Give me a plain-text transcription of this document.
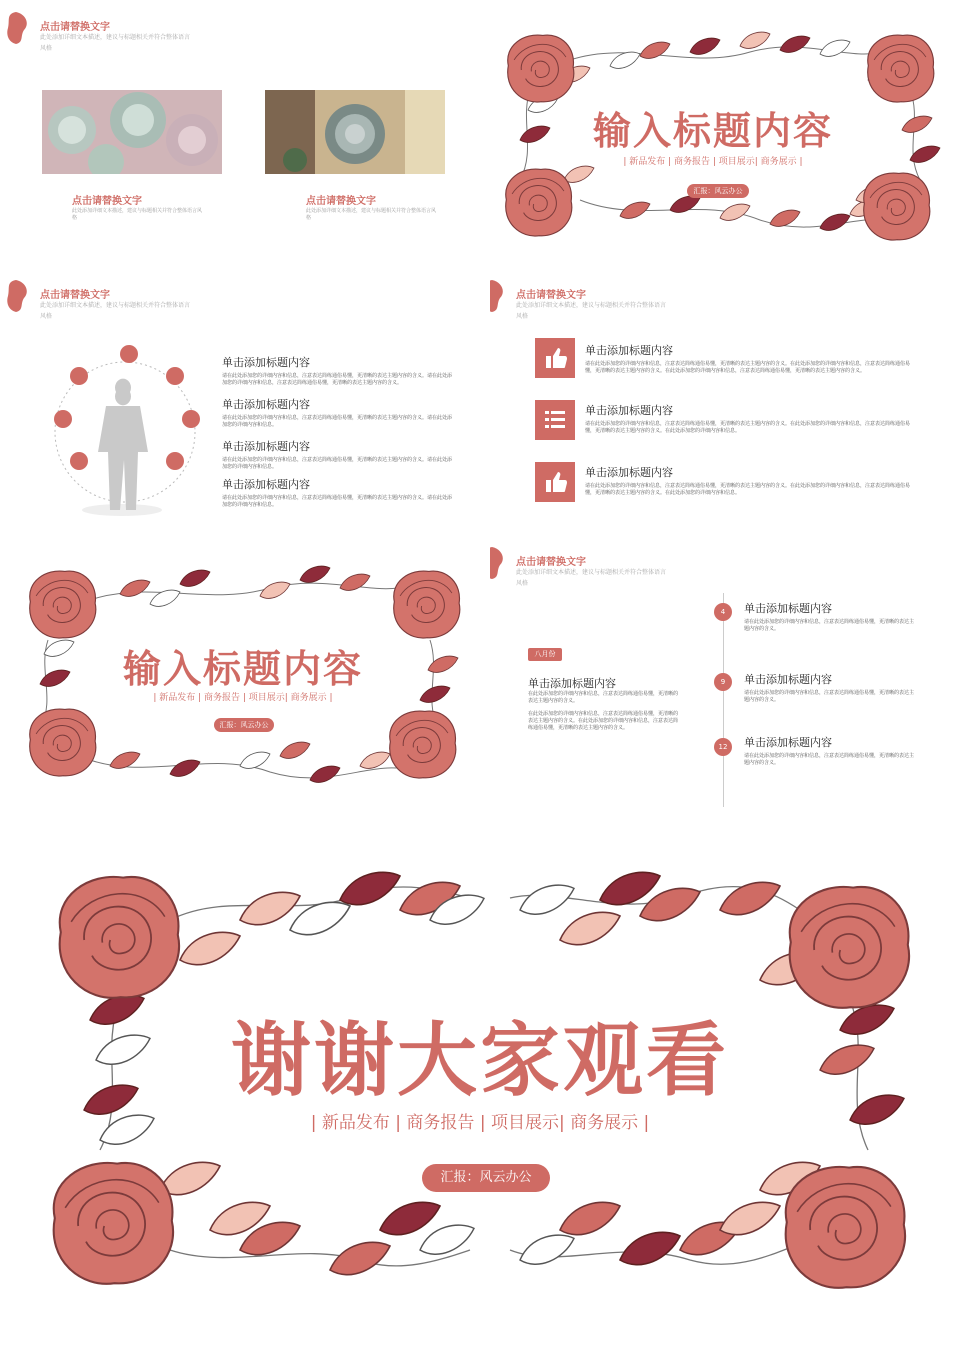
点击请替换文字
此处添加详细文本描述，建议与标题相关并符合整体语言风格
点击请替换文字
此处添加详细文本描述，建议与标题相关并符合整体语言风格
点击请替换文字
此处添加详细文本描述，建议与标题相关并符合整体语言风格
输入标题内容
| 新品发布 | 商务报告 | 项目展示| 商务展示 |
汇报：风云办公
点击请替换文字
此处添加详细文本描述，建议与标题相关并符合整体语言风格
单击添加标题内容
请在此处添加您的详细内容和信息，注意表达简练通俗易懂，更清晰的表达主题内容的含义。请在此处添加您的详细内容和信息，注意表达简练通俗易懂，更清晰的表达主题内容的含义。
单击添加标题内容
请在此处添加您的详细内容和信息，注意表达简练通俗易懂，更清晰的表达主题内容的含义。请在此处添加您的详细内容和信息。
单击添加标题内容
请在此处添加您的详细内容和信息，注意表达简练通俗易懂，更清晰的表达主题内容的含义。请在此处添加您的详细内容和信息。
单击添加标题内容
请在此处添加您的详细内容和信息，注意表达简练通俗易懂，更清晰的表达主题内容的含义。请在此处添加您的详细内容和信息。
点击请替换文字
此处添加详细文本描述，建议与标题相关并符合整体语言风格
单击添加标题内容
请在此处添加您的详细内容和信息，注意表达简练通俗易懂，更清晰的表达主题内容的含义。在此处添加您的详细内容和信息，注意表达简练通俗易懂，更清晰的表达主题内容的含义。在此处添加您的详细内容和信息，注意表达简练通俗易懂，更清晰的表达主题内容的含义。
单击添加标题内容
请在此处添加您的详细内容和信息，注意表达简练通俗易懂，更清晰的表达主题内容的含义。在此处添加您的详细内容和信息，注意表达简练通俗易懂，更清晰的表达主题内容的含义。在此处添加您的详细内容和信息。
单击添加标题内容
请在此处添加您的详细内容和信息，注意表达简练通俗易懂，更清晰的表达主题内容的含义。在此处添加您的详细内容和信息，注意表达简练通俗易懂，更清晰的表达主题内容的含义。在此处添加您的详细内容和信息。
输入标题内容
| 新品发布 | 商务报告 | 项目展示| 商务展示 |
汇报：风云办公
点击请替换文字
此处添加详细文本描述，建议与标题相关并符合整体语言风格
八月份
单击添加标题内容
在此处添加您的详细内容和信息，注意表达简练通俗易懂，更清晰的表达主题内容的含义。
在此处添加您的详细内容和信息，注意表达简练通俗易懂，更清晰的表达主题内容的含义。在此处添加您的详细内容和信息，注意表达简练通俗易懂，更清晰的表达主题内容的含义。
4	单击添加标题内容
请在此处添加您的详细内容和信息，注意表达简练通俗易懂，更清晰的表达主题内容的含义。
9	单击添加标题内容
请在此处添加您的详细内容和信息，注意表达简练通俗易懂，更清晰的表达主题内容的含义。
12	单击添加标题内容
请在此处添加您的详细内容和信息，注意表达简练通俗易懂，更清晰的表达主题内容的含义。
谢谢大家观看
| 新品发布 | 商务报告 | 项目展示| 商务展示 |
汇报：风云办公
